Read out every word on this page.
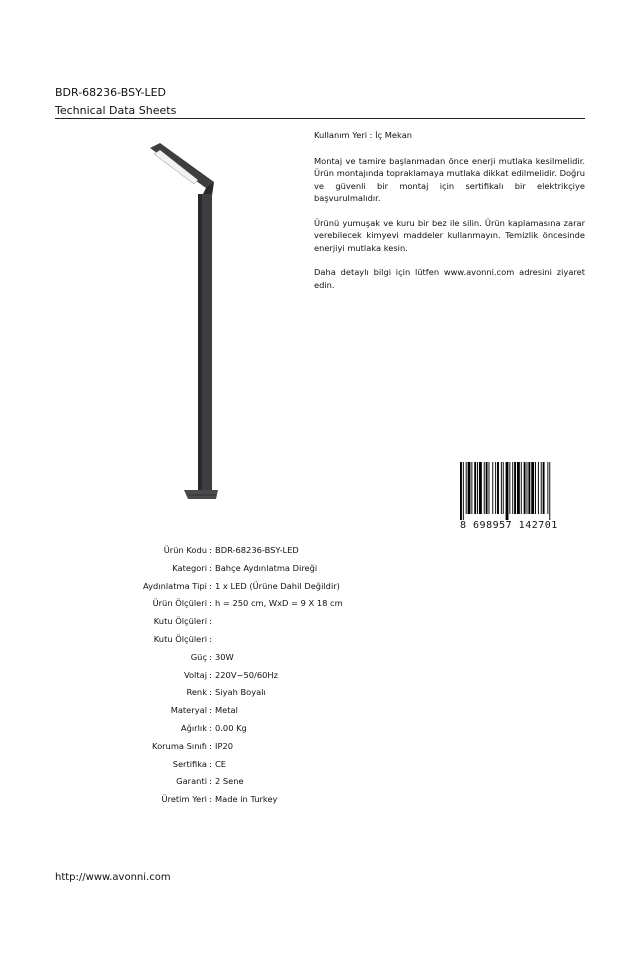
BDR-68236-BSY-LED
Technical Data Sheets

Kullanım Yeri : İç Mekan

Montaj ve tamire başlanmadan önce enerji mutlaka kesilmelidir. Ürün montajında topraklamaya mutlaka dikkat edilmelidir. Doğru ve güvenli bir montaj için sertifikalı bir elektrikçiye başvurulmalıdır.

Ürünü yumuşak ve kuru bir bez ile silin. Ürün kaplamasına zarar verebilecek kimyevi maddeler kullanmayın. Temizlik öncesinde enerjiyi mutlaka kesin.

Daha detaylı bilgi için lütfen www.avonni.com adresini ziyaret edin.

8 698957 142701
Ürün Kodu : BDR-68236-BSY-LED
Kategori : Bahçe Aydınlatma Direği
Aydınlatma Tipi : 1 x LED (Ürüne Dahil Değildir)
Ürün Ölçüleri : h = 250 cm, WxD = 9 X 18 cm
Kutu Ölçüleri :
Kutu Ölçüleri :
Güç : 30W
Voltaj : 220V~50/60Hz
Renk : Siyah Boyalı
Materyal : Metal
Ağırlık : 0.00 Kg
Koruma Sınıfı : IP20
Sertifika : CE
Garanti : 2 Sene
Üretim Yeri : Made in Turkey
http://www.avonni.com
